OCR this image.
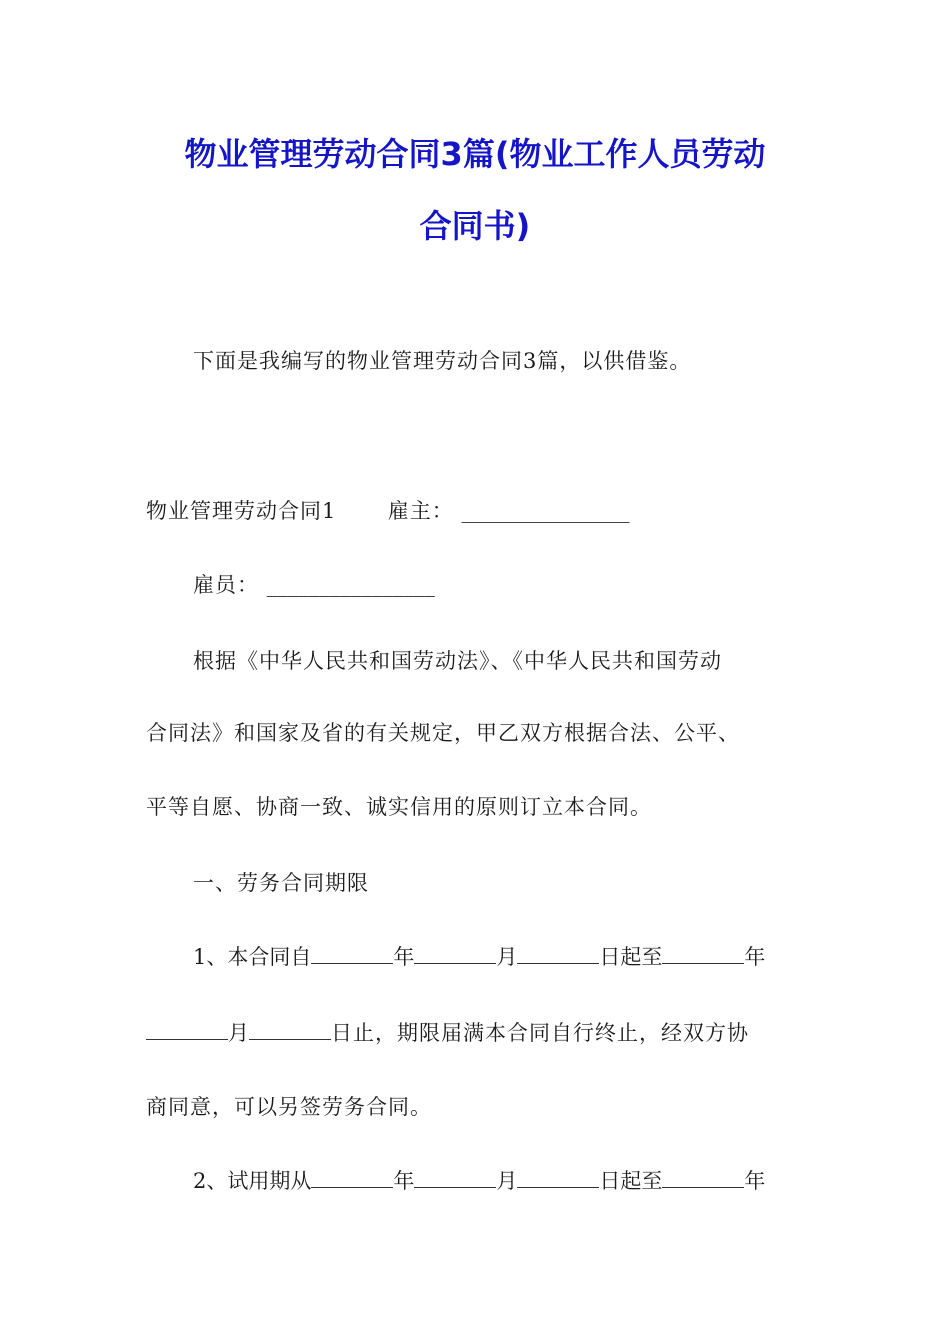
物业管理劳动合同3篇(物业工作人员劳动
合同书)
下面是我编写的物业管理劳动合同3篇，以供借鉴。
物业管理劳动合同1 雇主： ________________
雇员： ________________
根据《中华人民共和国劳动法》、《中华人民共和国劳动
合同法》和国家及省的有关规定，甲乙双方根据合法、公平、
平等自愿、协商一致、诚实信用的原则订立本合同。
一、劳务合同期限
1、本合同自	年	月	日起至	年
月	日止，期限届满本合同自行终止，经双方协
商同意，可以另签劳务合同。
2、试用期从	年	月	日起至	年
